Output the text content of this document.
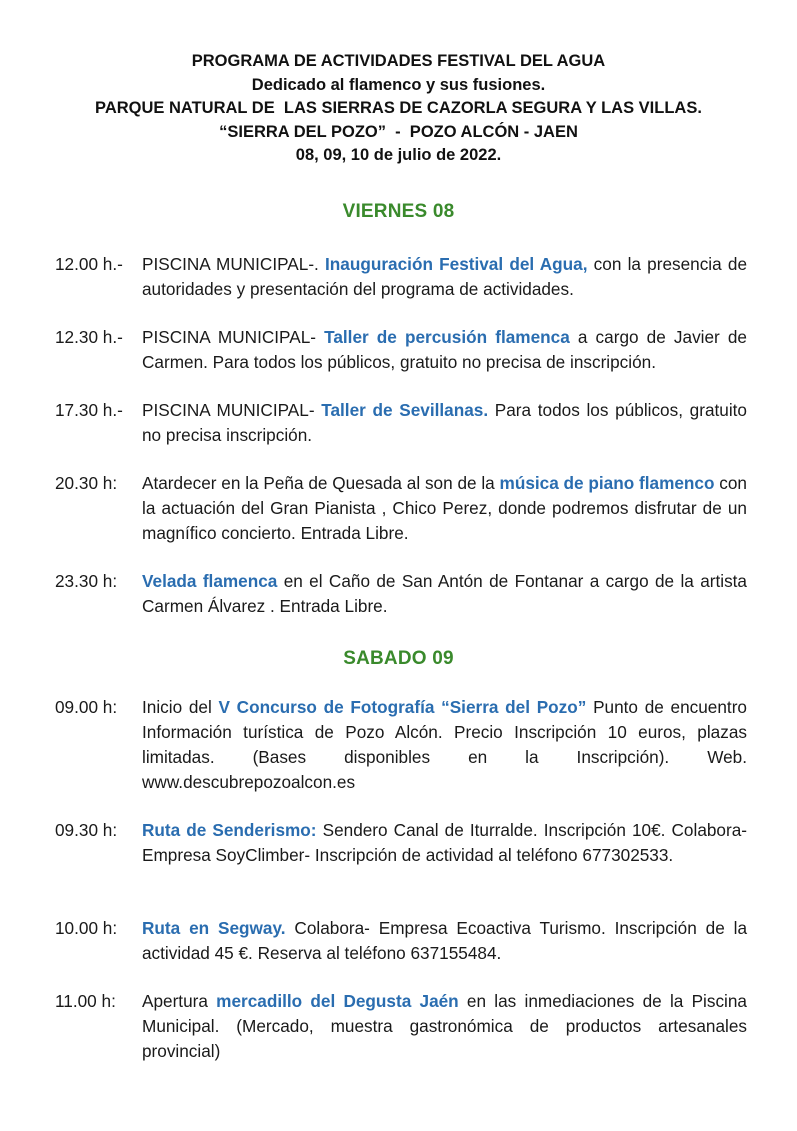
PROGRAMA DE ACTIVIDADES FESTIVAL DEL AGUA
Dedicado al flamenco y sus fusiones.
PARQUE NATURAL DE  LAS SIERRAS DE CAZORLA SEGURA Y LAS VILLAS.
“SIERRA DEL POZO”  -  POZO ALCÓN - JAEN
08, 09, 10 de julio de 2022.
VIERNES 08
12.00 h.-	PISCINA MUNICIPAL-. Inauguración Festival del Agua, con la presencia de autoridades y presentación del programa de actividades.
12.30 h.-	PISCINA MUNICIPAL- Taller de percusión flamenca a cargo de Javier de Carmen. Para todos los públicos, gratuito no precisa de inscripción.
17.30 h.-	PISCINA MUNICIPAL- Taller de Sevillanas. Para todos los públicos, gratuito no precisa inscripción.
20.30 h:	Atardecer en la Peña de Quesada al son de la música de piano flamenco con la actuación del Gran Pianista , Chico Perez, donde podremos disfrutar de un magnífico concierto. Entrada Libre.
23.30 h:	Velada flamenca en el Caño de San Antón de Fontanar a cargo de la artista Carmen Álvarez . Entrada Libre.
SABADO 09
09.00 h:	Inicio del V Concurso de Fotografía “Sierra del Pozo” Punto de encuentro Información turística de Pozo Alcón. Precio Inscripción 10 euros, plazas limitadas. (Bases disponibles en la Inscripción). Web. www.descubrepozoalcon.es
09.30 h:	Ruta de Senderismo: Sendero Canal de Iturralde. Inscripción 10€. Colabora- Empresa SoyClimber- Inscripción de actividad al teléfono 677302533.
10.00 h:	Ruta en Segway. Colabora- Empresa Ecoactiva Turismo. Inscripción de la actividad 45 €. Reserva al teléfono 637155484.
11.00 h:	Apertura mercadillo del Degusta Jaén en las inmediaciones de la Piscina Municipal. (Mercado, muestra gastronómica de productos artesanales provincial)
